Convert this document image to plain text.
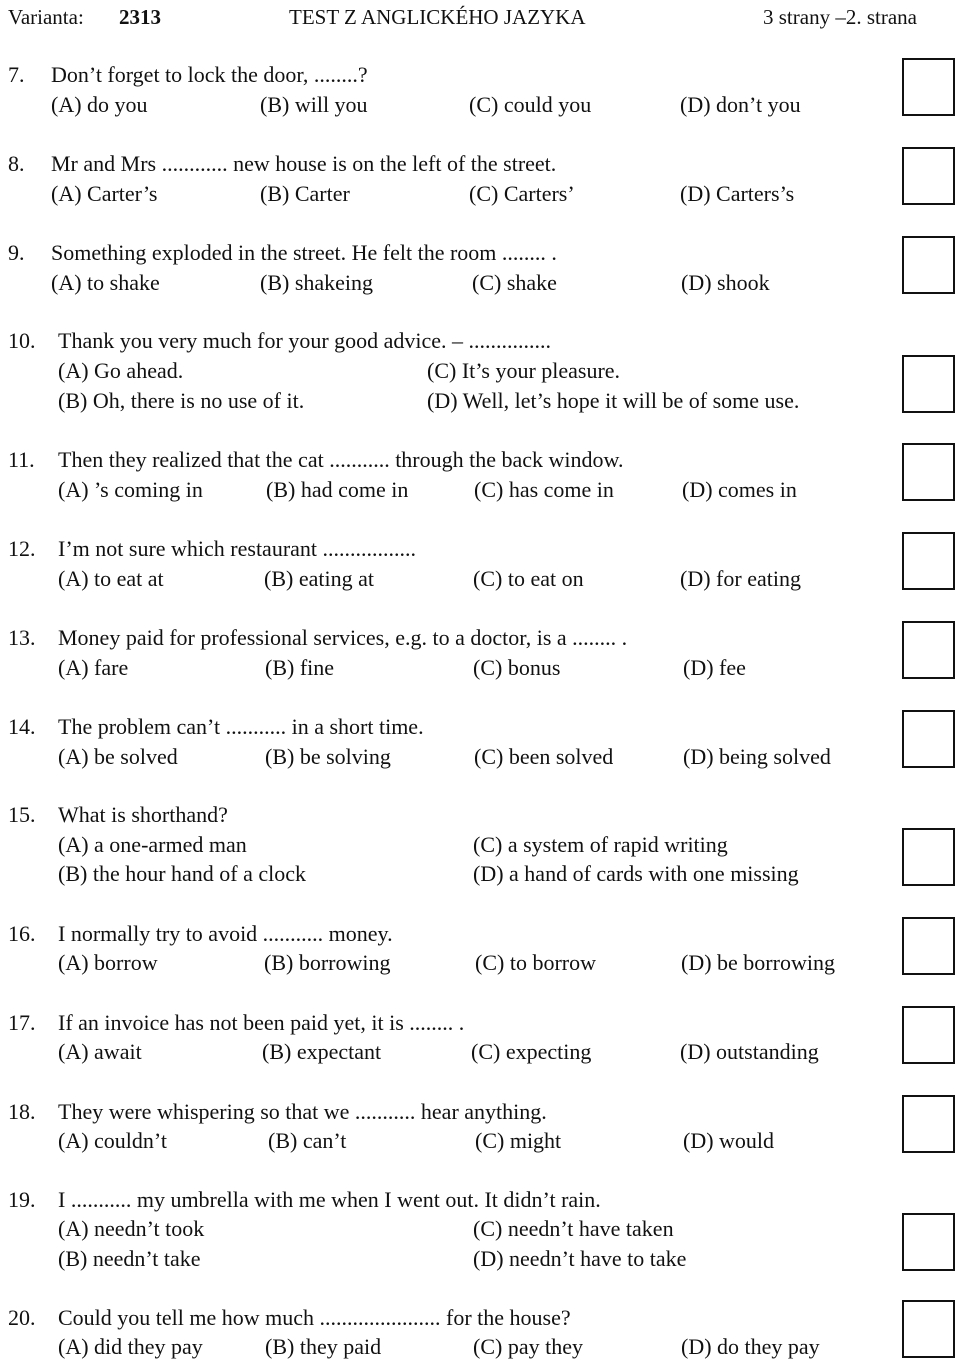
Varianta: 2313	TEST Z ANGLICKÉHO JAZYKA	3 strany –2. strana
7. Don’t forget to lock the door, ........?
(A) do you	(B) will you	(C) could you	(D) don’t you
8. Mr and Mrs ............ new house is on the left of the street.
(A) Carter’s	(B) Carter	(C) Carters’	(D) Carters’s
9. Something exploded in the street. He felt the room ........ .
(A) to shake	(B) shakeing	(C) shake	(D) shook
10. Thank you very much for your good advice. – ...............
(A) Go ahead.	(C) It’s your pleasure.
(B) Oh, there is no use of it.	(D) Well, let’s hope it will be of some use.
11. Then they realized that the cat ........... through the back window.
(A) ’s coming in	(B) had come in	(C) has come in	(D) comes in
12. I’m not sure which restaurant .................
(A) to eat at	(B) eating at	(C) to eat on	(D) for eating
13. Money paid for professional services, e.g. to a doctor, is a ........ .
(A) fare	(B) fine	(C) bonus	(D) fee
14. The problem can’t ........... in a short time.
(A) be solved	(B) be solving	(C) been solved	(D) being solved
15. What is shorthand?
(A) a one-armed man	(C) a system of rapid writing
(B) the hour hand of a clock	(D) a hand of cards with one missing
16. I normally try to avoid ........... money.
(A) borrow	(B) borrowing	(C) to borrow	(D) be borrowing
17. If an invoice has not been paid yet, it is ........ .
(A) await	(B) expectant	(C) expecting	(D) outstanding
18. They were whispering so that we ........... hear anything.
(A) couldn’t	(B) can’t	(C) might	(D) would
19. I ........... my umbrella with me when I went out. It didn’t rain.
(A) needn’t took	(C) needn’t have taken
(B) needn’t take	(D) needn’t have to take
20. Could you tell me how much ...................... for the house?
(A) did they pay	(B) they paid	(C) pay they	(D) do they pay
